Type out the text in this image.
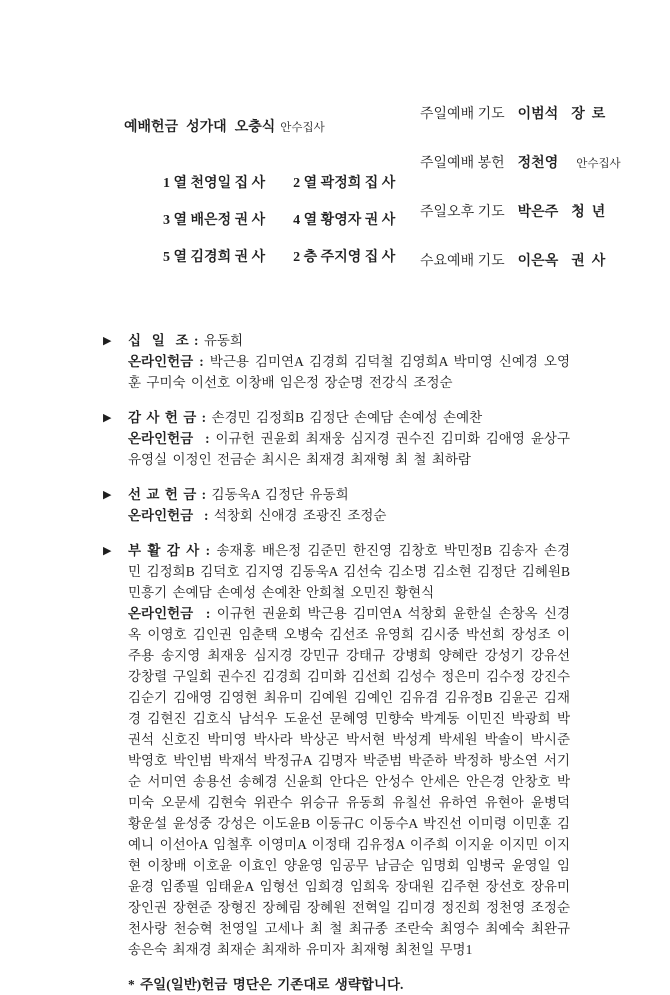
예배헌금 성가대 오충식 안수집사

1 열 천영일 집 사 2 열 곽정희 집 사
3 열 배은정 권 사 4 열 황영자 권 사
5 열 김경희 권 사 2 층 주지영 집 사
주일예배 기도 이범석 장  로
주일예배 봉헌 정천영 안수집사
주일오후 기도 박은주 청  년
수요예배 기도 이은옥 권  사
▶ 십  일  조 : 유동희
온라인헌금 : 박근용 김미연A 김경희 김덕철 김영희A 박미영 신예경 오영훈 구미숙 이선호 이창배 임은정 장순명 전강식 조정순
▶ 감 사 헌 금 : 손경민 김정희B 김정단 손예담 손예성 손예찬
온라인헌금  : 이규헌 권윤회 최재웅 심지경 권수진 김미화 김애영 윤상구 유영실 이정인 전금순 최시은 최재경 최재형 최 철 최하람
▶ 선 교 헌 금 : 김동욱A 김정단 유동희
온라인헌금  : 석창회 신애경 조광진 조정순
▶ 부 활 감 사 : 송재홍 배은정 김준민 한진영 김창호 박민정B 김송자 손경민 김정희B 김덕호 김지영 김동욱A 김선숙 김소명 김소현 김정단 김혜원B 민흥기 손예담 손예성 손예찬 안희철 오민진 황현식
온라인헌금  : 이규헌 권윤회 박근용 김미연A 석창회 윤한실 손창옥 신경옥 이영호 김인권 임춘택 오병숙 김선조 유영희 김시중 박선희 장성조 이주용 송지영 최재웅 심지경 강민규 강태규 강병희 양혜란 강성기 강유선 강창렬 구일회 권수진 김경희 김미화 김선희 김성수 정은미 김수정 강진수 김순기 김애영 김영현 최유미 김예원 김예인 김유겸 김유정B 김윤곤 김재경 김현진 김호식 남석우 도윤선 문혜영 민향숙 박계동 이민진 박광희 박권석 신호진 박미영 박사라 박상곤 박서현 박성계 박세원 박솔이 박시준 박영호 박인범 박재석 박정규A 김명자 박준범 박준하 박정하 방소연 서기순 서미연 송용선 송혜경 신윤희 안다은 안성수 안세은 안은경 안창호 박미숙 오문세 김현숙 위관수 위승규 유동희 유칠선 유하연 유현아 윤병덕 황운설 윤성중 강성은 이도윤B 이동규C 이동수A 박진선 이미령 이민훈 김예니 이선아A 임철후 이영미A 이정태 김유정A 이주희 이지윤 이지민 이지현 이창배 이호윤 이효인 양윤영 임공무 남금순 임명회 임병국 윤영일 임윤경 임종필 임태윤A 임형선 임희경 임희욱 장대원 김주현 장선호 장유미 장인권 장현준 장형진 장혜림 장혜원 전혁일 김미경 정진희 정천영 조정순 천사랑 천승혁 천영일 고세나 최 철 최규종 조란숙 최영수 최예숙 최완규 송은숙 최재경 최재순 최재하 유미자 최재형 최천일 무명1
* 주일(일반)헌금 명단은 기존대로 생략합니다.
